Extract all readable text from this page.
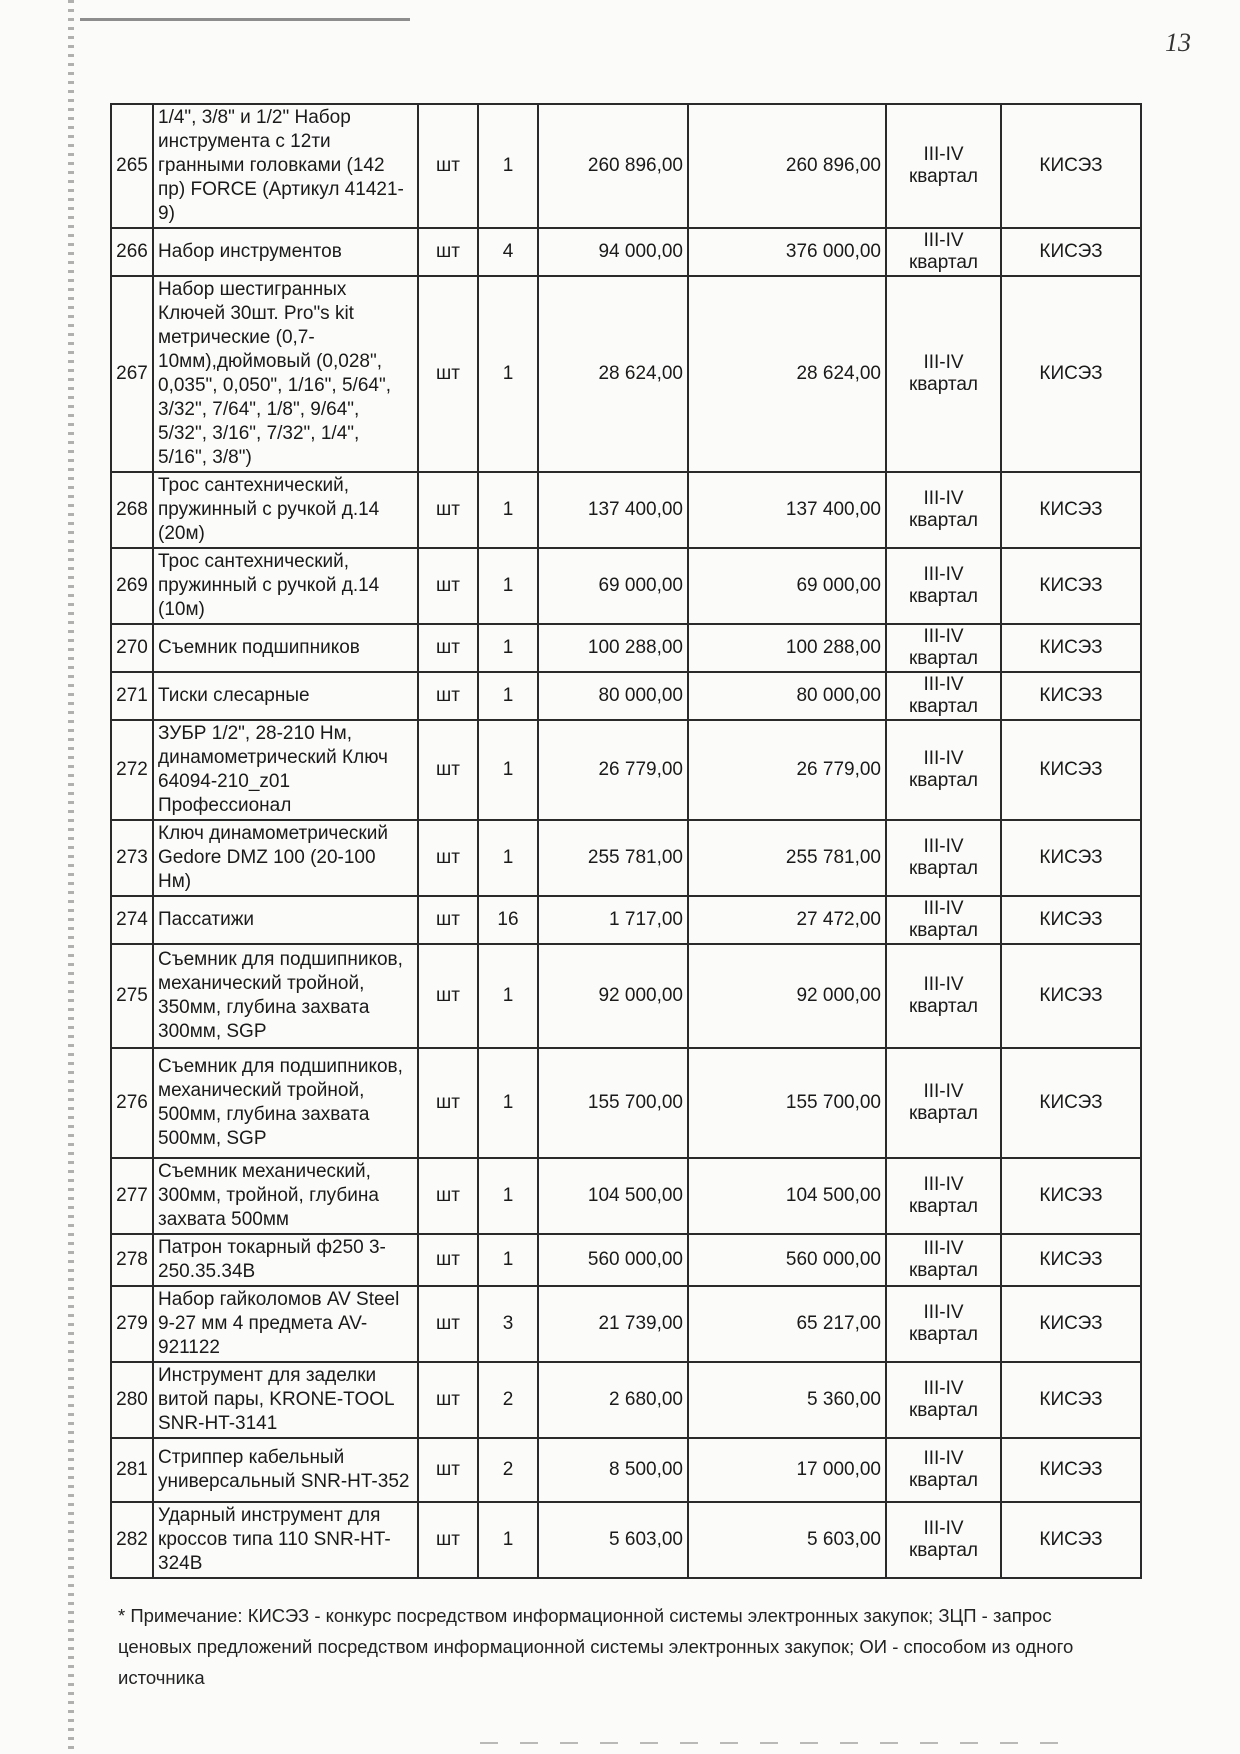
13
265	1/4", 3/8" и 1/2" Набор инструмента с 12ти гранными головками (142 пр) FORCE (Артикул 41421-9)	шт	1	260 896,00	260 896,00	III-IV квартал	КИСЭЗ
266	Набор инструментов	шт	4	94 000,00	376 000,00	III-IV квартал	КИСЭЗ
267	Набор шестигранных Ключей 30шт. Pro"s kit метрические (0,7-10мм),дюймовый (0,028", 0,035", 0,050", 1/16", 5/64", 3/32", 7/64", 1/8", 9/64", 5/32", 3/16", 7/32", 1/4", 5/16", 3/8")	шт	1	28 624,00	28 624,00	III-IV квартал	КИСЭЗ
268	Трос сантехнический, пружинный с ручкой д.14 (20м)	шт	1	137 400,00	137 400,00	III-IV квартал	КИСЭЗ
269	Трос сантехнический, пружинный с ручкой д.14 (10м)	шт	1	69 000,00	69 000,00	III-IV квартал	КИСЭЗ
270	Съемник подшипников	шт	1	100 288,00	100 288,00	III-IV квартал	КИСЭЗ
271	Тиски слесарные	шт	1	80 000,00	80 000,00	III-IV квартал	КИСЭЗ
272	ЗУБР 1/2", 28-210 Нм, динамометрический Ключ 64094-210_z01 Профессионал	шт	1	26 779,00	26 779,00	III-IV квартал	КИСЭЗ
273	Ключ динамометрический Gedore DMZ 100 (20-100 Нм)	шт	1	255 781,00	255 781,00	III-IV квартал	КИСЭЗ
274	Пассатижи	шт	16	1 717,00	27 472,00	III-IV квартал	КИСЭЗ
275	Съемник для подшипников, механический тройной, 350мм, глубина захвата 300мм, SGP	шт	1	92 000,00	92 000,00	III-IV квартал	КИСЭЗ
276	Съемник для подшипников, механический тройной, 500мм, глубина захвата 500мм, SGP	шт	1	155 700,00	155 700,00	III-IV квартал	КИСЭЗ
277	Съемник механический, 300мм, тройной, глубина захвата 500мм	шт	1	104 500,00	104 500,00	III-IV квартал	КИСЭЗ
278	Патрон токарный ф250 3-250.35.34В	шт	1	560 000,00	560 000,00	III-IV квартал	КИСЭЗ
279	Набор гайколомов AV Steel 9-27 мм 4 предмета AV-921122	шт	3	21 739,00	65 217,00	III-IV квартал	КИСЭЗ
280	Инструмент для заделки витой пары, KRONE-TOOL SNR-HT-3141	шт	2	2 680,00	5 360,00	III-IV квартал	КИСЭЗ
281	Стриппер кабельный универсальный SNR-HT-352	шт	2	8 500,00	17 000,00	III-IV квартал	КИСЭЗ
282	Ударный инструмент для кроссов типа 110 SNR-HT-324В	шт	1	5 603,00	5 603,00	III-IV квартал	КИСЭЗ
* Примечание: КИСЭЗ - конкурс посредством информационной системы электронных закупок; ЗЦП - запрос ценовых предложений посредством информационной системы электронных закупок; ОИ - способом из одного источника
